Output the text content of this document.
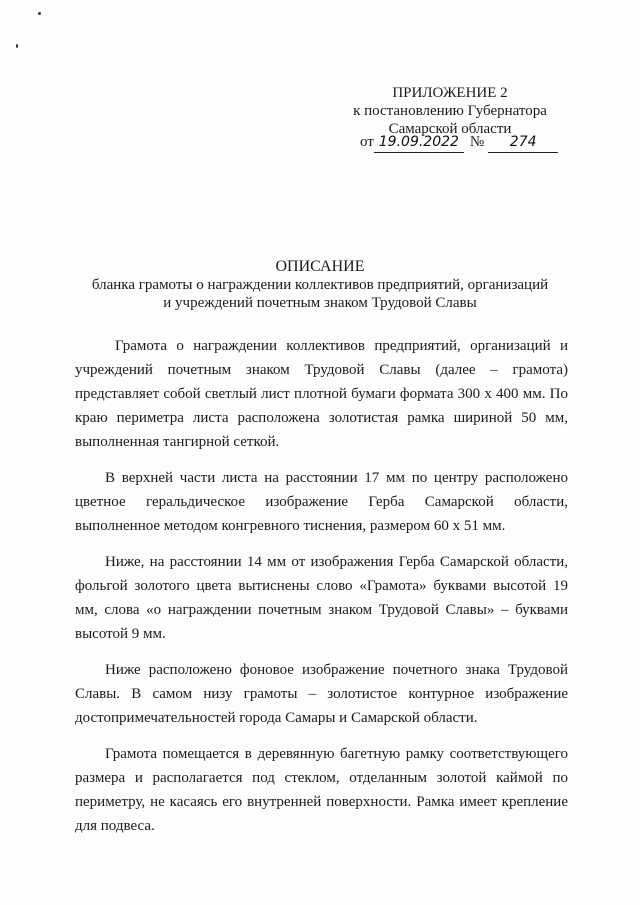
ПРИЛОЖЕНИЕ 2
к постановлению Губернатора
Самарской области
от 19.09.2022 № 274
ОПИСАНИЕ
бланка грамоты о награждении коллективов предприятий, организаций
и учреждений почетным знаком Трудовой Славы

Грамота о награждении коллективов предприятий, организаций и учреждений почетным знаком Трудовой Славы (далее – грамота) представляет собой светлый лист плотной бумаги формата 300 х 400 мм. По краю периметра листа расположена золотистая рамка шириной 50 мм, выполненная тангирной сеткой.

В верхней части листа на расстоянии 17 мм по центру расположено цветное геральдическое изображение Герба Самарской области, выполненное методом конгревного тиснения, размером 60 х 51 мм.

Ниже, на расстоянии 14 мм от изображения Герба Самарской области, фольгой золотого цвета вытиснены слово «Грамота» буквами высотой 19 мм, слова «о награждении почетным знаком Трудовой Славы» – буквами высотой 9 мм.

Ниже расположено фоновое изображение почетного знака Трудовой Славы. В самом низу грамоты – золотистое контурное изображение достопримечательностей города Самары и Самарской области.

Грамота помещается в деревянную багетную рамку соответствующего размера и располагается под стеклом, отделанным золотой каймой по периметру, не касаясь его внутренней поверхности. Рамка имеет крепление для подвеса.
